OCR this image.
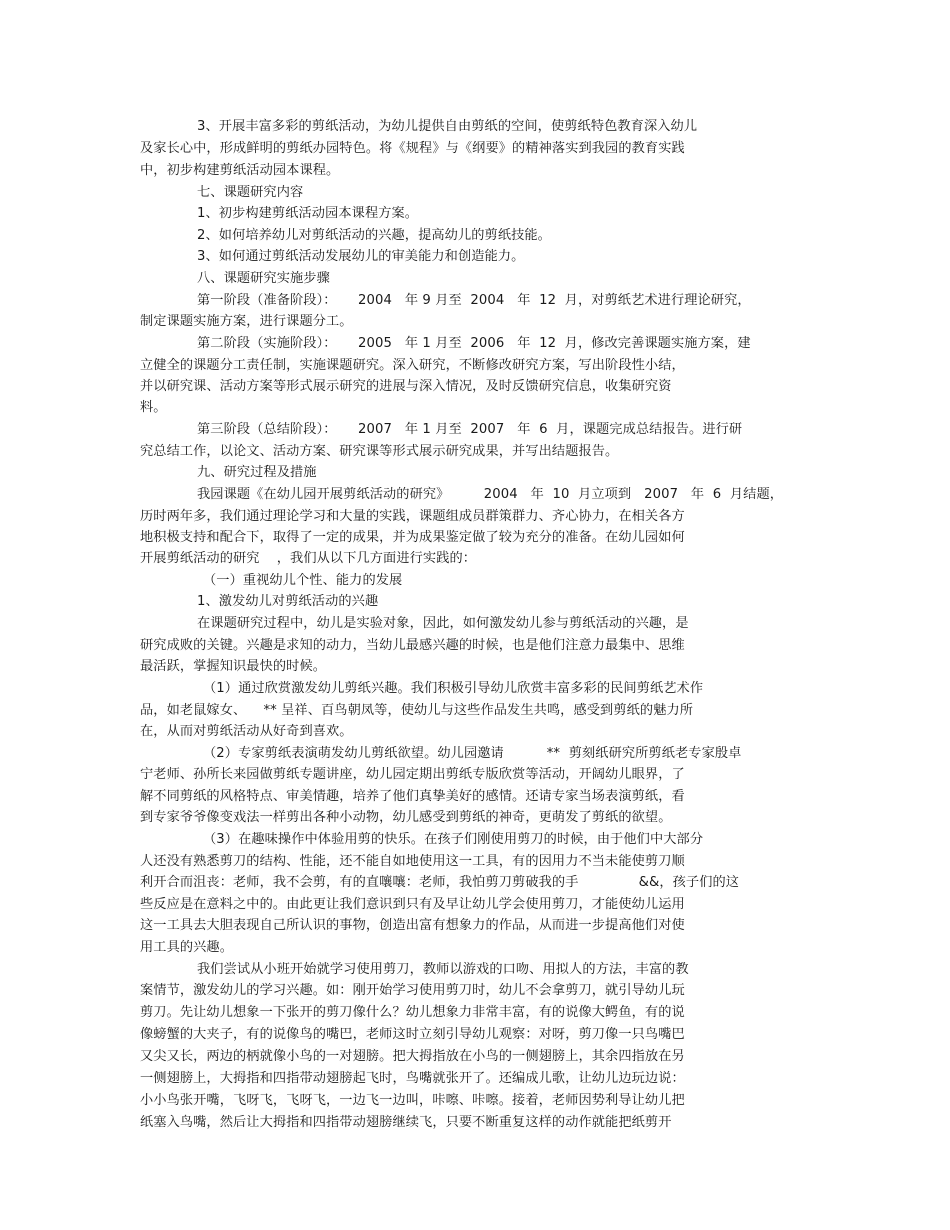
3、开展丰富多彩的剪纸活动，为幼儿提供自由剪纸的空间，使剪纸特色教育深入幼儿
及家长心中，形成鲜明的剪纸办园特色。将《规程》与《纲要》的精神落实到我园的教育实践
中，初步构建剪纸活动园本课程。
七、课题研究内容
1、初步构建剪纸活动园本课程方案。
2、如何培养幼儿对剪纸活动的兴趣，提高幼儿的剪纸技能。
3、如何通过剪纸活动发展幼儿的审美能力和创造能力。
八、课题研究实施步骤
第一阶段（准备阶段）：     2004   年 9 月至  2004   年  12  月，对剪纸艺术进行理论研究，
制定课题实施方案，进行课题分工。
第二阶段（实施阶段）：     2005   年 1 月至  2006   年  12  月，修改完善课题实施方案，建
立健全的课题分工责任制，实施课题研究。深入研究，不断修改研究方案，写出阶段性小结，
并以研究课、活动方案等形式展示研究的进展与深入情况，及时反馈研究信息，收集研究资
料。
第三阶段（总结阶段）：     2007   年 1 月至  2007   年  6  月，课题完成总结报告。进行研
究总结工作，以论文、活动方案、研究课等形式展示研究成果，并写出结题报告。
九、研究过程及措施
我园课题《在幼儿园开展剪纸活动的研究》        2004   年  10  月立项到   2007   年  6  月结题，
历时两年多，我们通过理论学习和大量的实践，课题组成员群策群力、齐心协力，在相关各方
地积极支持和配合下，取得了一定的成果，并为成果鉴定做了较为充分的准备。在幼儿园如何
开展剪纸活动的研究    ，我们从以下几方面进行实践的：
（一）重视幼儿个性、能力的发展
1、激发幼儿对剪纸活动的兴趣
在课题研究过程中，幼儿是实验对象，因此，如何激发幼儿参与剪纸活动的兴趣，是
研究成败的关键。兴趣是求知的动力，当幼儿最感兴趣的时候，也是他们注意力最集中、思维
最活跃，掌握知识最快的时候。
（1）通过欣赏激发幼儿剪纸兴趣。我们积极引导幼儿欣赏丰富多彩的民间剪纸艺术作
品，如老鼠嫁女、    ** 呈祥、百鸟朝凤等，使幼儿与这些作品发生共鸣，感受到剪纸的魅力所
在，从而对剪纸活动从好奇到喜欢。
（2）专家剪纸表演萌发幼儿剪纸欲望。幼儿园邀请          **  剪刻纸研究所剪纸老专家殷卓
宁老师、孙所长来园做剪纸专题讲座，幼儿园定期出剪纸专版欣赏等活动，开阔幼儿眼界，了
解不同剪纸的风格特点、审美情趣，培养了他们真挚美好的感情。还请专家当场表演剪纸，看
到专家爷爷像变戏法一样剪出各种小动物，幼儿感受到剪纸的神奇，更萌发了剪纸的欲望。
（3）在趣味操作中体验用剪的快乐。在孩子们刚使用剪刀的时候，由于他们中大部分
人还没有熟悉剪刀的结构、性能，还不能自如地使用这一工具，有的因用力不当未能使剪刀顺
利开合而沮丧：老师，我不会剪，有的直嚷嚷：老师，我怕剪刀剪破我的手              &&，孩子们的这
些反应是在意料之中的。由此更让我们意识到只有及早让幼儿学会使用剪刀，才能使幼儿运用
这一工具去大胆表现自己所认识的事物，创造出富有想象力的作品，从而进一步提高他们对使
用工具的兴趣。
我们尝试从小班开始就学习使用剪刀，教师以游戏的口吻、用拟人的方法，丰富的教
案情节，激发幼儿的学习兴趣。如：刚开始学习使用剪刀时，幼儿不会拿剪刀，就引导幼儿玩
剪刀。先让幼儿想象一下张开的剪刀像什么？幼儿想象力非常丰富，有的说像大鳄鱼，有的说
像螃蟹的大夹子，有的说像鸟的嘴巴，老师这时立刻引导幼儿观察：对呀，剪刀像一只鸟嘴巴
又尖又长，两边的柄就像小鸟的一对翅膀。把大拇指放在小鸟的一侧翅膀上，其余四指放在另
一侧翅膀上，大拇指和四指带动翅膀起飞时，鸟嘴就张开了。还编成儿歌，让幼儿边玩边说：
小小鸟张开嘴，飞呀飞，飞呀飞，一边飞一边叫，咔嚓、咔嚓。接着，老师因势利导让幼儿把
纸塞入鸟嘴，然后让大拇指和四指带动翅膀继续飞，只要不断重复这样的动作就能把纸剪开
